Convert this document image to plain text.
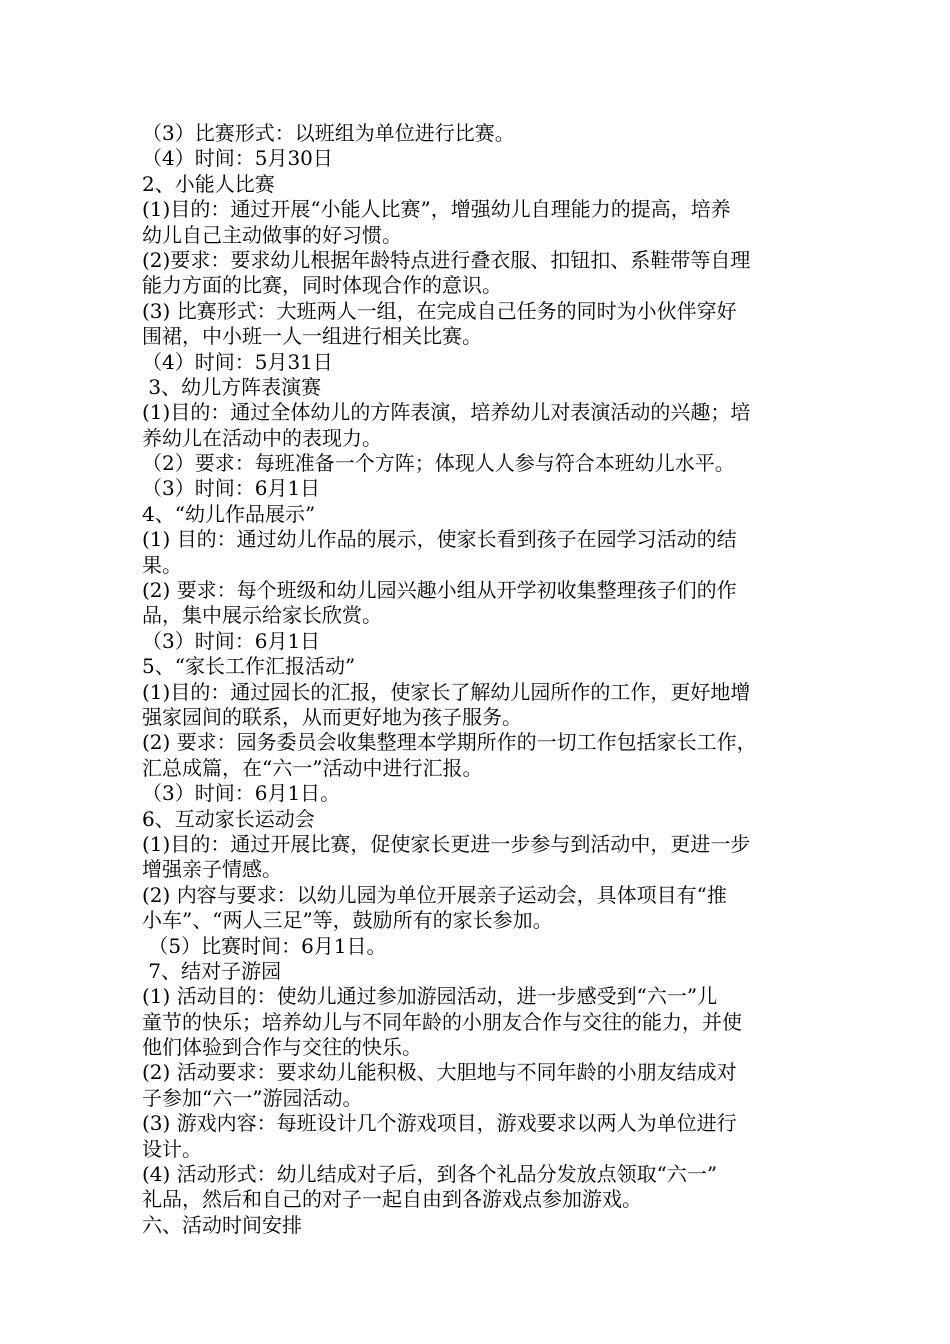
（3）比赛形式：以班组为单位进行比赛。
（4）时间：5月30日
2、小能人比赛
(1)目的：通过开展“小能人比赛”，增强幼儿自理能力的提高，培养
幼儿自己主动做事的好习惯。
(2)要求：要求幼儿根据年龄特点进行叠衣服、扣钮扣、系鞋带等自理
能力方面的比赛，同时体现合作的意识。
(3) 比赛形式：大班两人一组，在完成自己任务的同时为小伙伴穿好
围裙，中小班一人一组进行相关比赛。
（4）时间：5月31日
3、幼儿方阵表演赛
(1)目的：通过全体幼儿的方阵表演，培养幼儿对表演活动的兴趣；培
养幼儿在活动中的表现力。
（2）要求：每班准备一个方阵；体现人人参与符合本班幼儿水平。
（3）时间：6月1日
4、“幼儿作品展示”
(1) 目的：通过幼儿作品的展示，使家长看到孩子在园学习活动的结
果。
(2) 要求：每个班级和幼儿园兴趣小组从开学初收集整理孩子们的作
品，集中展示给家长欣赏。
（3）时间：6月1日
5、“家长工作汇报活动”
(1)目的：通过园长的汇报，使家长了解幼儿园所作的工作，更好地增
强家园间的联系，从而更好地为孩子服务。
(2) 要求：园务委员会收集整理本学期所作的一切工作包括家长工作，
汇总成篇，在“六一”活动中进行汇报。
（3）时间：6月1日。
6、互动家长运动会
(1)目的：通过开展比赛，促使家长更进一步参与到活动中，更进一步
增强亲子情感。
(2) 内容与要求：以幼儿园为单位开展亲子运动会，具体项目有“推
小车”、“两人三足”等，鼓励所有的家长参加。
（5）比赛时间：6月1日。
7、结对子游园
(1) 活动目的：使幼儿通过参加游园活动，进一步感受到“六一”儿
童节的快乐；培养幼儿与不同年龄的小朋友合作与交往的能力，并使
他们体验到合作与交往的快乐。
(2) 活动要求：要求幼儿能积极、大胆地与不同年龄的小朋友结成对
子参加“六一”游园活动。
(3) 游戏内容：每班设计几个游戏项目，游戏要求以两人为单位进行
设计。
(4) 活动形式：幼儿结成对子后，到各个礼品分发放点领取“六一”
礼品，然后和自己的对子一起自由到各游戏点参加游戏。
六、活动时间安排
